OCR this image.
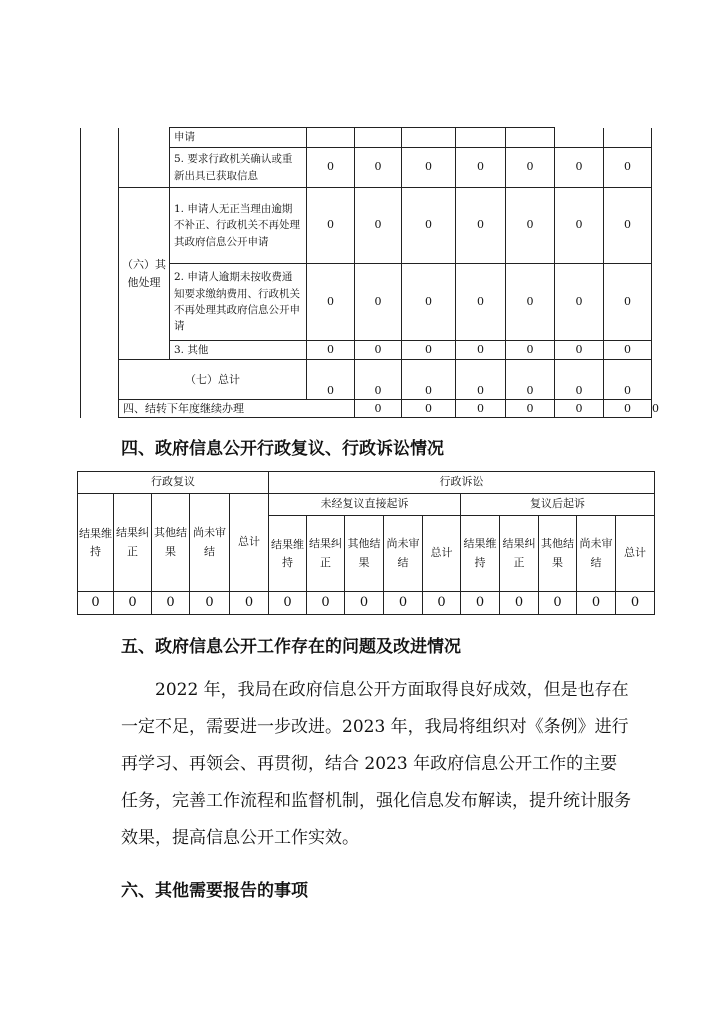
		申请								
		5. 要求行政机关确认或重新出具已获取信息	0	0	0	0	0	0	0	
	（六）其他处理	1. 申请人无正当理由逾期不补正、行政机关不再处理其政府信息公开申请	0	0	0	0	0	0	0	
		2. 申请人逾期未按收费通知要求缴纳费用、行政机关不再处理其政府信息公开申请	0	0	0	0	0	0	0	
		3. 其他	0	0	0	0	0	0	0	
	（七）总计		0	0	0	0	0	0	0	
	四、结转下年度继续办理			0	0	0	0	0	0	0
四、政府信息公开行政复议、行政诉讼情况
行政复议					行政诉讼									
结果维持	结果纠正	其他结果	尚未审结	总计	未经复议直接起诉					复议后起诉				
					结果维持	结果纠正	其他结果	尚未审结	总计	结果维持	结果纠正	其他结果	尚未审结	总计
0	0	0	0	0	0	0	0	0	0	0	0	0	0	0
五、政府信息公开工作存在的问题及改进情况
2022 年，我局在政府信息公开方面取得良好成效，但是也存在一定不足，需要进一步改进。2023 年，我局将组织对《条例》进行再学习、再领会、再贯彻，结合 2023 年政府信息公开工作的主要任务，完善工作流程和监督机制，强化信息发布解读，提升统计服务效果，提高信息公开工作实效。
六、其他需要报告的事项
